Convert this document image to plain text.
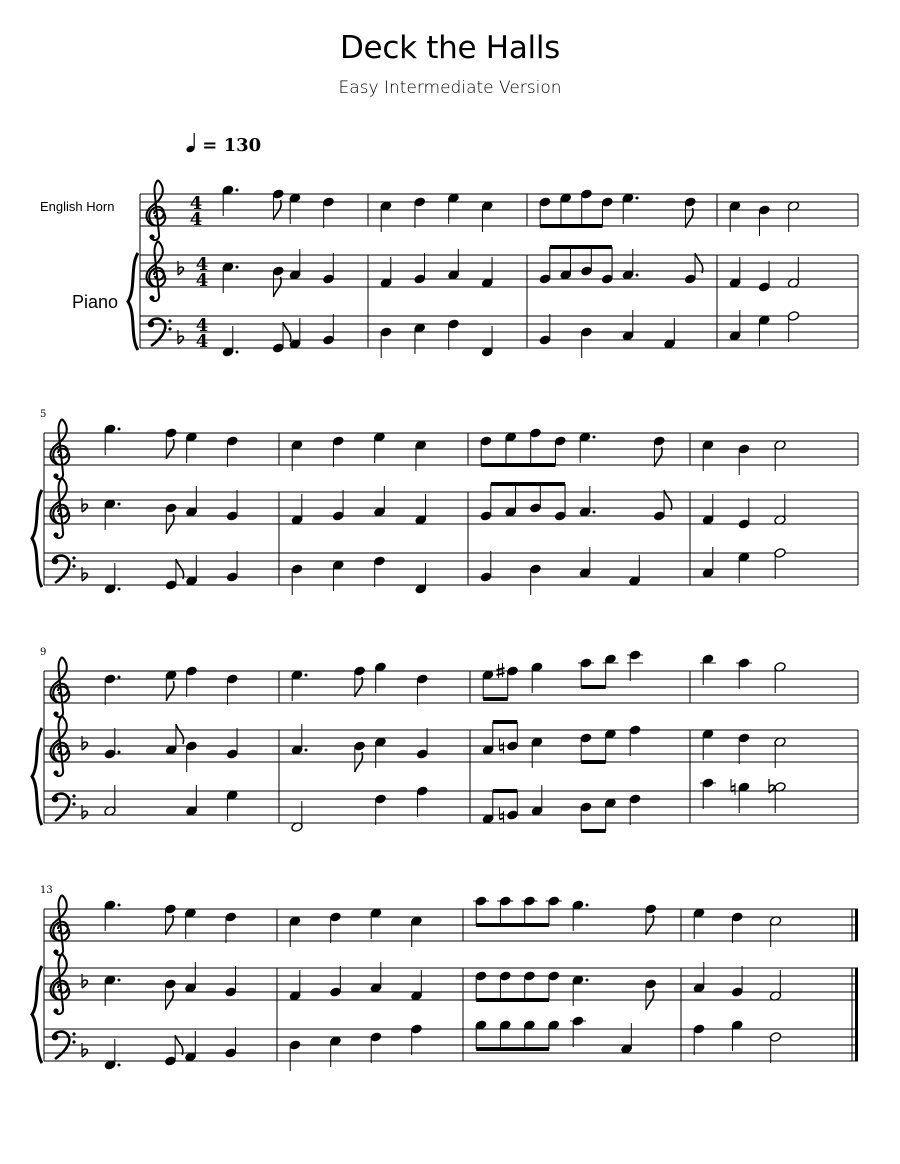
Deck the Halls
Easy Intermediate Version
= 130
English Horn
Piano
5
9
13
4
4
4
4
4
4
